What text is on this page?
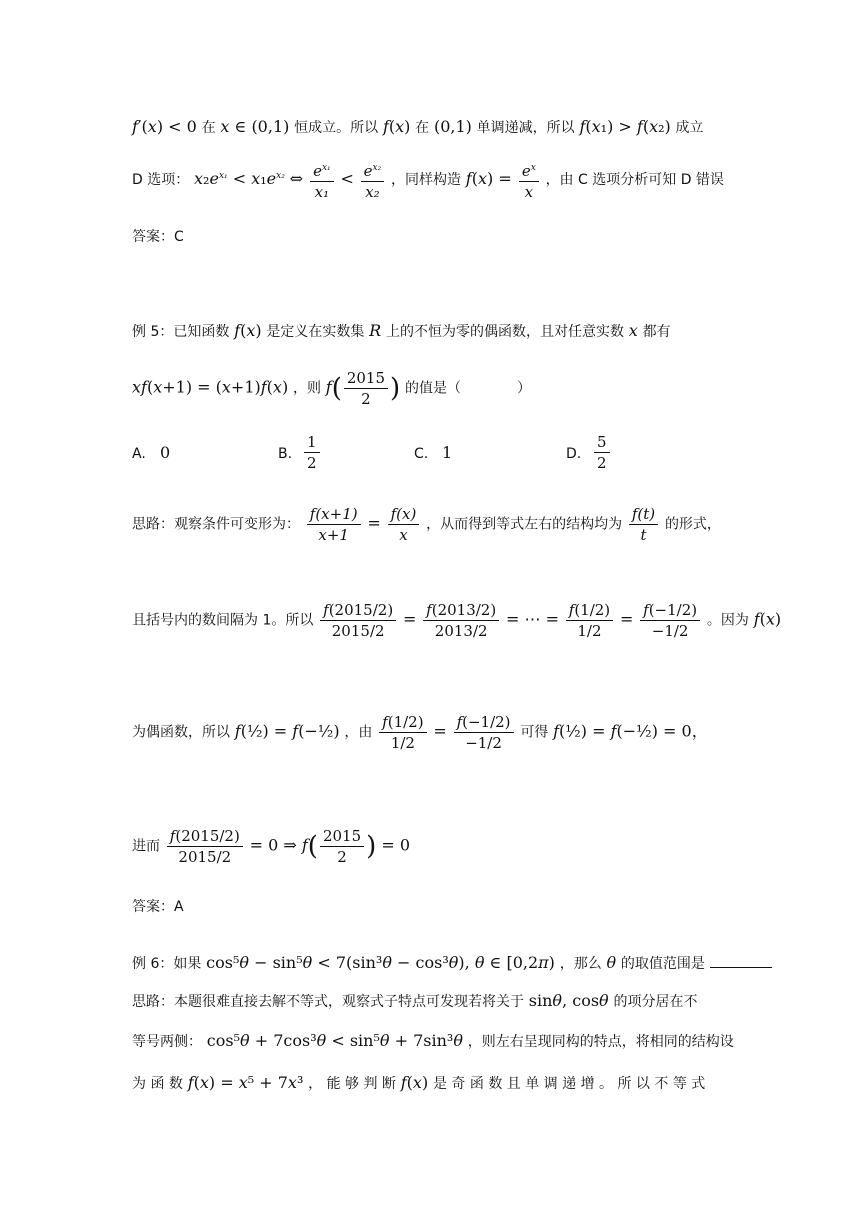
f′(x) < 0 在 x ∈ (0,1) 恒成立。所以 f(x) 在 (0,1) 单调递减，所以 f(x₁) > f(x₂) 成立
D 选项： $x_2e^{x_1} < x_1e^{x_2}$ ⇔ $\frac{e^{x_1}}{\text{x₁}} < \frac{e^{x_2}}{\text{x₂}}$ ，同样构造 $f(x) = \frac{e^x}{x}$ ，由 C 选项分析可知 D 错误
答案：C
例 5：已知函数 f(x) 是定义在实数集 R 上的不恒为零的偶函数，且对任意实数 x 都有
xf(x+1) = (x+1)f(x) ，则 $f( \frac{2015}{2}$ ) 的值是（　　　　）
A. 0	B. $\frac{1}{2}$	C. 1	D. $\frac{5}{2}$
思路：观察条件可变形为： $\frac{f(x+1)}{x+1} = \frac{f(x)}{x}$ ，从而得到等式左右的结构均为 $\frac{f(t)}{t}$ 的形式，
且括号内的数间隔为 1。所以 $\frac{f(2015/2)}{2015/2} = \frac{f(2013/2)}{2013/2}$ = ⋯ = $\frac{f(1/2)}{1/2} = \frac{f(-1/2)}{-1/2}$ 。因为 f(x)
为偶函数，所以 f(½) = f(−½) ，由 $\frac{f(1/2)}{1/2} = \frac{f(-1/2)}{-1/2}$ 可得 f(½) = f(−½) = 0，
进而 $\frac{f(2015/2)}{2015/2} = 0$ ⇒ $f( \frac{2015}{2}$ ) = 0
答案：A
例 6：如果 cos⁵θ − sin⁵θ < 7(sin³θ − cos³θ), θ ∈ [0,2π) ，那么 θ 的取值范围是
思路：本题很难直接去解不等式，观察式子特点可发现若将关于 sinθ, cosθ 的项分居在不
等号两侧： cos⁵θ + 7cos³θ < sin⁵θ + 7sin³θ ，则左右呈现同构的特点，将相同的结构设
为 函 数 f(x) = x⁵ + 7x³ ， 能 够 判 断 f(x) 是 奇 函 数 且 单 调 递 增 。 所 以 不 等 式
